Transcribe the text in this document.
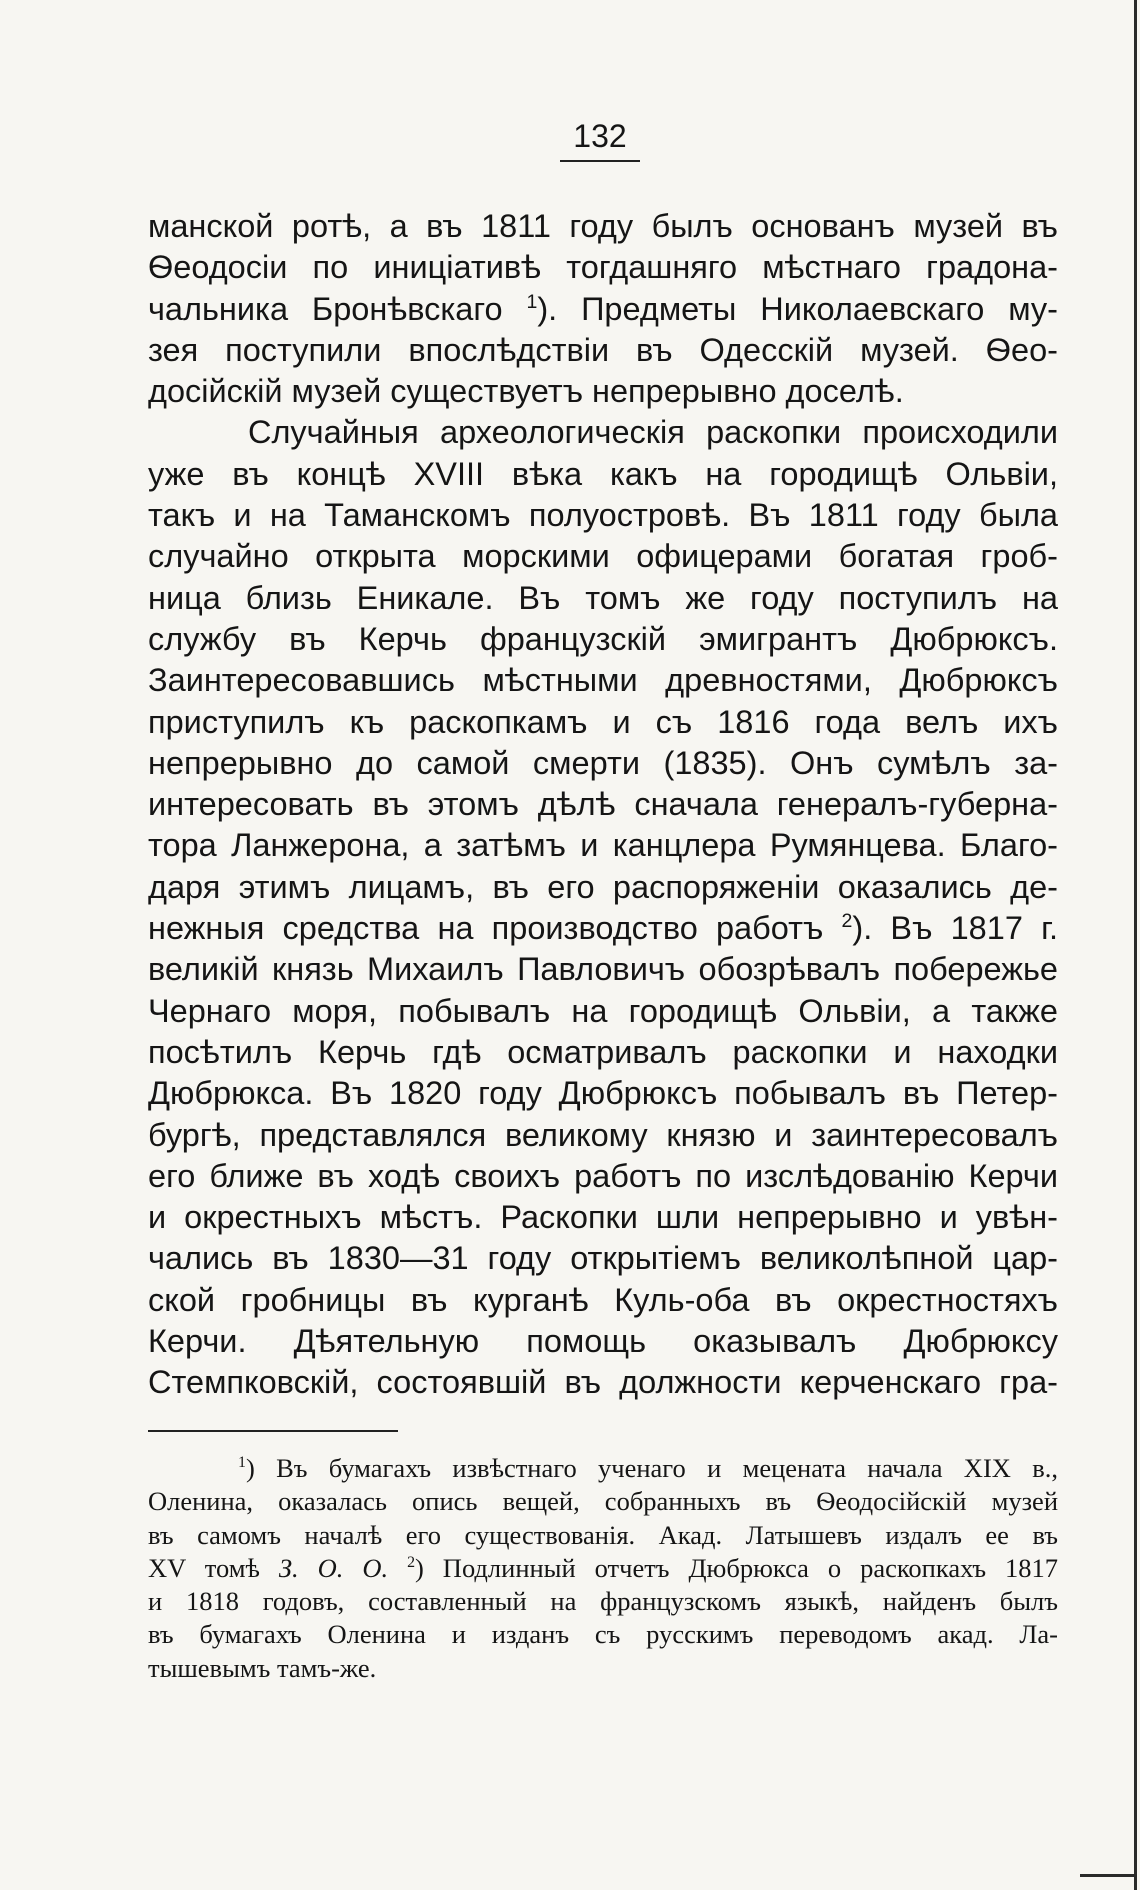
132
манской ротѣ, а въ 1811 году былъ основанъ музей въ
Ѳеодосіи по иниціативѣ тогдашняго мѣстнаго градона-
чальника Бронѣвскаго $^1$). Предметы Николаевскаго му-
зея поступили впослѣдствіи въ Одесскій музей. Ѳео-
досійскій музей существуетъ непрерывно доселѣ.
Случайныя археологическія раскопки происходили
уже въ концѣ XVIII вѣка какъ на городищѣ Ольвіи,
такъ и на Таманскомъ полуостровѣ. Въ 1811 году была
случайно открыта морскими офицерами богатая гроб-
ница близь Еникале. Въ томъ же году поступилъ на
службу въ Керчь французскій эмигрантъ Дюбрюксъ.
Заинтересовавшись мѣстными древностями, Дюбрюксъ
приступилъ къ раскопкамъ и съ 1816 года велъ ихъ
непрерывно до самой смерти (1835). Онъ сумѣлъ за-
интересовать въ этомъ дѣлѣ сначала генералъ-губерна-
тора Ланжерона, а затѣмъ и канцлера Румянцева. Благо-
даря этимъ лицамъ, въ его распоряженіи оказались де-
нежныя средства на производство работъ $^2$). Въ 1817 г.
великій князь Михаилъ Павловичъ обозрѣвалъ побережье
Чернаго моря, побывалъ на городищѣ Ольвіи, а также
посѣтилъ Керчь гдѣ осматривалъ раскопки и находки
Дюбрюкса. Въ 1820 году Дюбрюксъ побывалъ въ Петер-
бургѣ, представлялся великому князю и заинтересовалъ
его ближе въ ходѣ своихъ работъ по изслѣдованію Керчи
и окрестныхъ мѣстъ. Раскопки шли непрерывно и увѣн-
чались въ 1830—31 году открытіемъ великолѣпной цар-
ской гробницы въ курганѣ Куль-оба въ окрестностяхъ
Керчи. Дѣятельную помощь оказывалъ Дюбрюксу
Стемпковскій, состоявшій въ должности керченскаго гра-
$^1$) Въ бумагахъ извѣстнаго ученаго и мецената начала XIX в.,
Оленина, оказалась опись вещей, собранныхъ въ Ѳеодосійскій музей
въ самомъ началѣ его существованія. Акад. Латышевъ издалъ ее въ
XV томѣ З. О. О. $^2$) Подлинный отчетъ Дюбрюкса о раскопкахъ 1817
и 1818 годовъ, составленный на французскомъ языкѣ, найденъ былъ
въ бумагахъ Оленина и изданъ съ русскимъ переводомъ акад. Ла-
тышевымъ тамъ-же.
